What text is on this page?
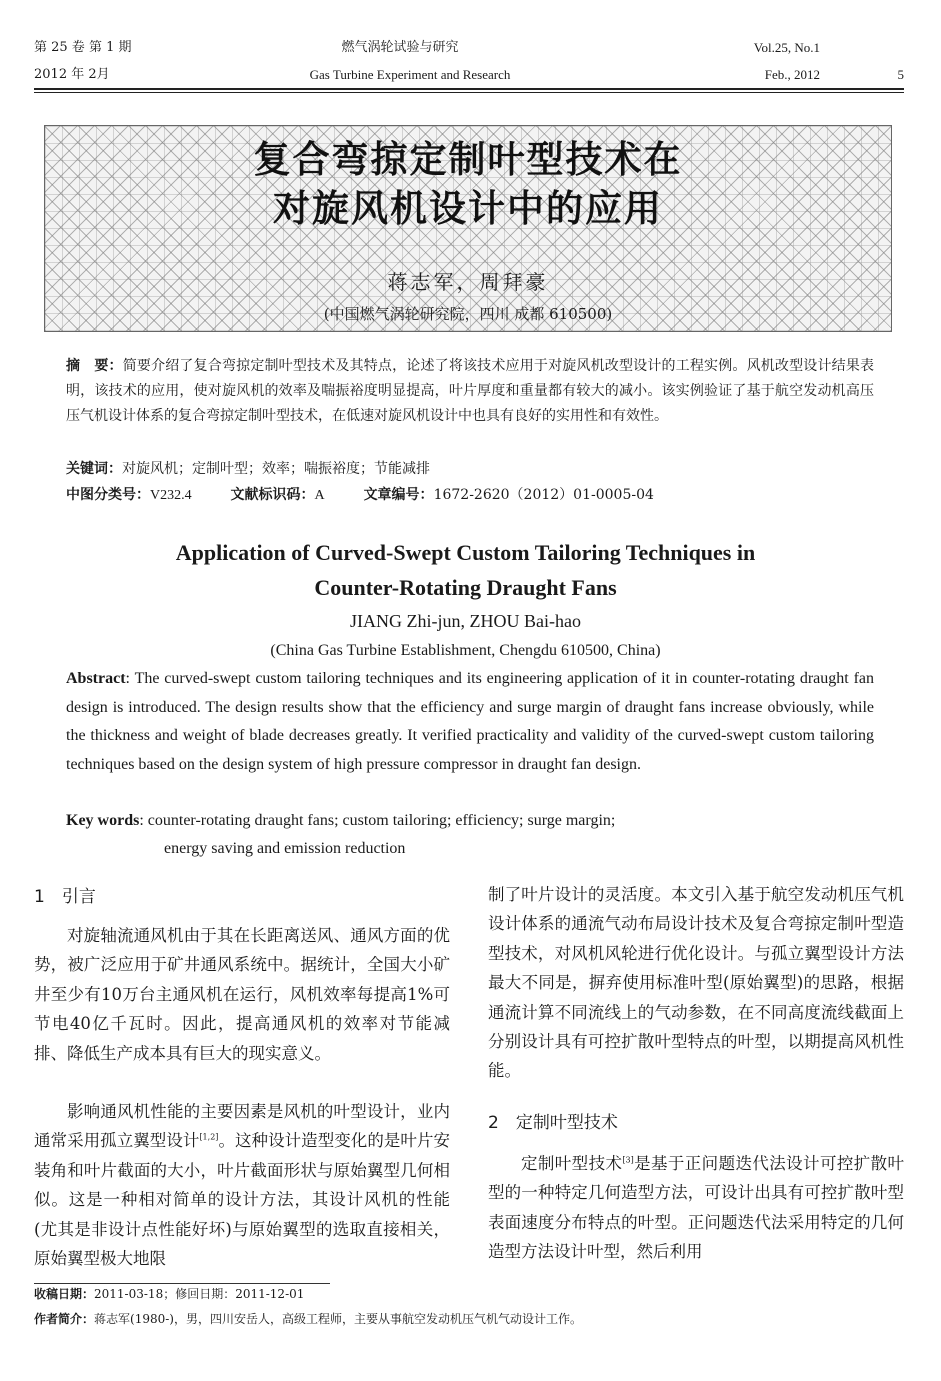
第 25 卷 第 1 期
2012 年 2月
燃气涡轮试验与研究
Gas Turbine Experiment and Research
Vol.25, No.1
Feb., 2012	5
复合弯掠定制叶型技术在
对旋风机设计中的应用
蒋志军，周拜豪
(中国燃气涡轮研究院，四川 成都 610500)
摘　要：简要介绍了复合弯掠定制叶型技术及其特点，论述了将该技术应用于对旋风机改型设计的工程实例。风机改型设计结果表明，该技术的应用，使对旋风机的效率及喘振裕度明显提高，叶片厚度和重量都有较大的减小。该实例验证了基于航空发动机高压压气机设计体系的复合弯掠定制叶型技术，在低速对旋风机设计中也具有良好的实用性和有效性。
关键词：对旋风机；定制叶型；效率；喘振裕度；节能减排
中图分类号：V232.4	文献标识码：A	文章编号：1672-2620（2012）01-0005-04
Application of Curved-Swept Custom Tailoring Techniques in
Counter-Rotating Draught Fans
JIANG Zhi-jun, ZHOU Bai-hao
(China Gas Turbine Establishment, Chengdu 610500, China)
Abstract: The curved-swept custom tailoring techniques and its engineering application of it in counter-rotating draught fan design is introduced. The design results show that the efficiency and surge margin of draught fans increase obviously, while the thickness and weight of blade decreases greatly. It verified practicality and validity of the curved-swept custom tailoring techniques based on the design system of high pressure compressor in draught fan design.
Key words: counter-rotating draught fans; custom tailoring; efficiency; surge margin;
energy saving and emission reduction
1　引言
对旋轴流通风机由于其在长距离送风、通风方面的优势，被广泛应用于矿井通风系统中。据统计，全国大小矿井至少有10万台主通风机在运行，风机效率每提高1%可节电40亿千瓦时。因此，提高通风机的效率对节能减排、降低生产成本具有巨大的现实意义。
影响通风机性能的主要因素是风机的叶型设计，业内通常采用孤立翼型设计[1,2]。这种设计造型变化的是叶片安装角和叶片截面的大小，叶片截面形状与原始翼型几何相似。这是一种相对简单的设计方法，其设计风机的性能(尤其是非设计点性能好坏)与原始翼型的选取直接相关，原始翼型极大地限
制了叶片设计的灵活度。本文引入基于航空发动机压气机设计体系的通流气动布局设计技术及复合弯掠定制叶型造型技术，对风机风轮进行优化设计。与孤立翼型设计方法最大不同是，摒弃使用标准叶型(原始翼型)的思路，根据通流计算不同流线上的气动参数，在不同高度流线截面上分别设计具有可控扩散叶型特点的叶型，以期提高风机性能。
2　定制叶型技术
定制叶型技术[3]是基于正问题迭代法设计可控扩散叶型的一种特定几何造型方法，可设计出具有可控扩散叶型表面速度分布特点的叶型。正问题迭代法采用特定的几何造型方法设计叶型，然后利用
收稿日期：2011-03-18；修回日期：2011-12-01
作者简介：蒋志军(1980-)，男，四川安岳人，高级工程师，主要从事航空发动机压气机气动设计工作。
